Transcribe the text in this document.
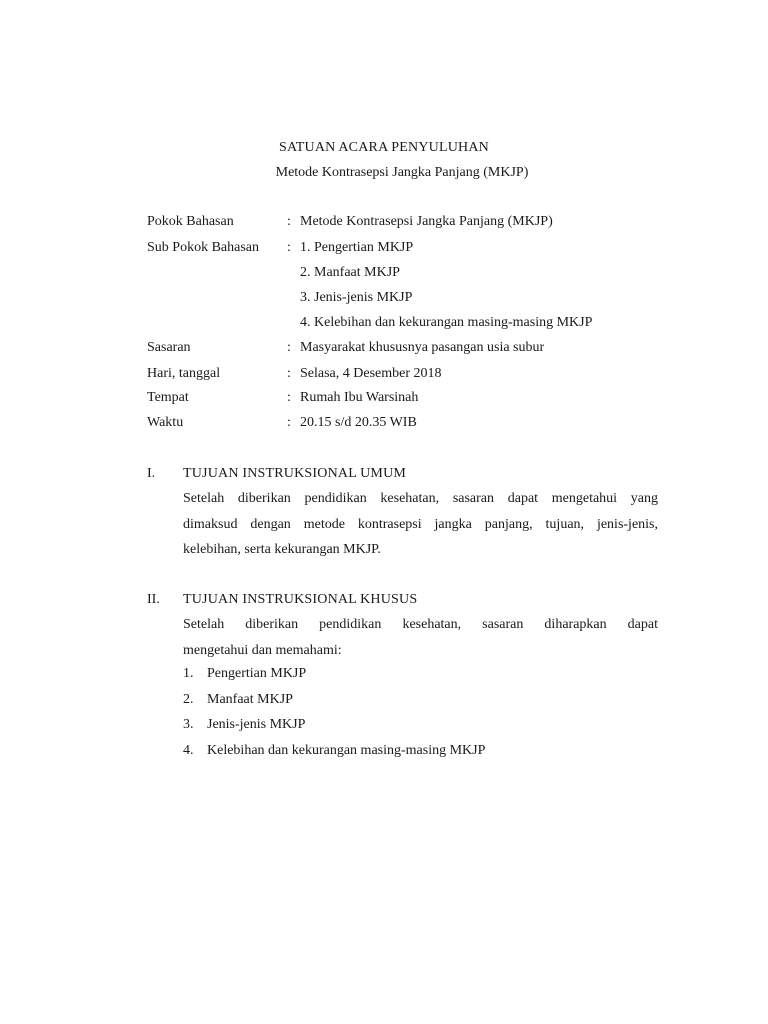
SATUAN ACARA PENYULUHAN
Metode Kontrasepsi Jangka Panjang (MKJP)
Pokok Bahasan	: Metode Kontrasepsi Jangka Panjang (MKJP)
Sub Pokok Bahasan : 1. Pengertian MKJP
2. Manfaat MKJP
3. Jenis-jenis MKJP
4. Kelebihan dan kekurangan masing-masing MKJP
Sasaran	: Masyarakat khususnya pasangan usia subur
Hari, tanggal	: Selasa, 4 Desember 2018
Tempat	: Rumah Ibu Warsinah
Waktu	: 20.15 s/d 20.35 WIB
I. TUJUAN INSTRUKSIONAL UMUM

Setelah diberikan pendidikan kesehatan, sasaran dapat mengetahui yang
dimaksud dengan metode kontrasepsi jangka panjang, tujuan, jenis-jenis,
kelebihan, serta kekurangan MKJP.

II. TUJUAN INSTRUKSIONAL KHUSUS

Setelah diberikan pendidikan kesehatan, sasaran diharapkan dapat
mengetahui dan memahami:

1. Pengertian MKJP
2. Manfaat MKJP
3. Jenis-jenis MKJP
4. Kelebihan dan kekurangan masing-masing MKJP
